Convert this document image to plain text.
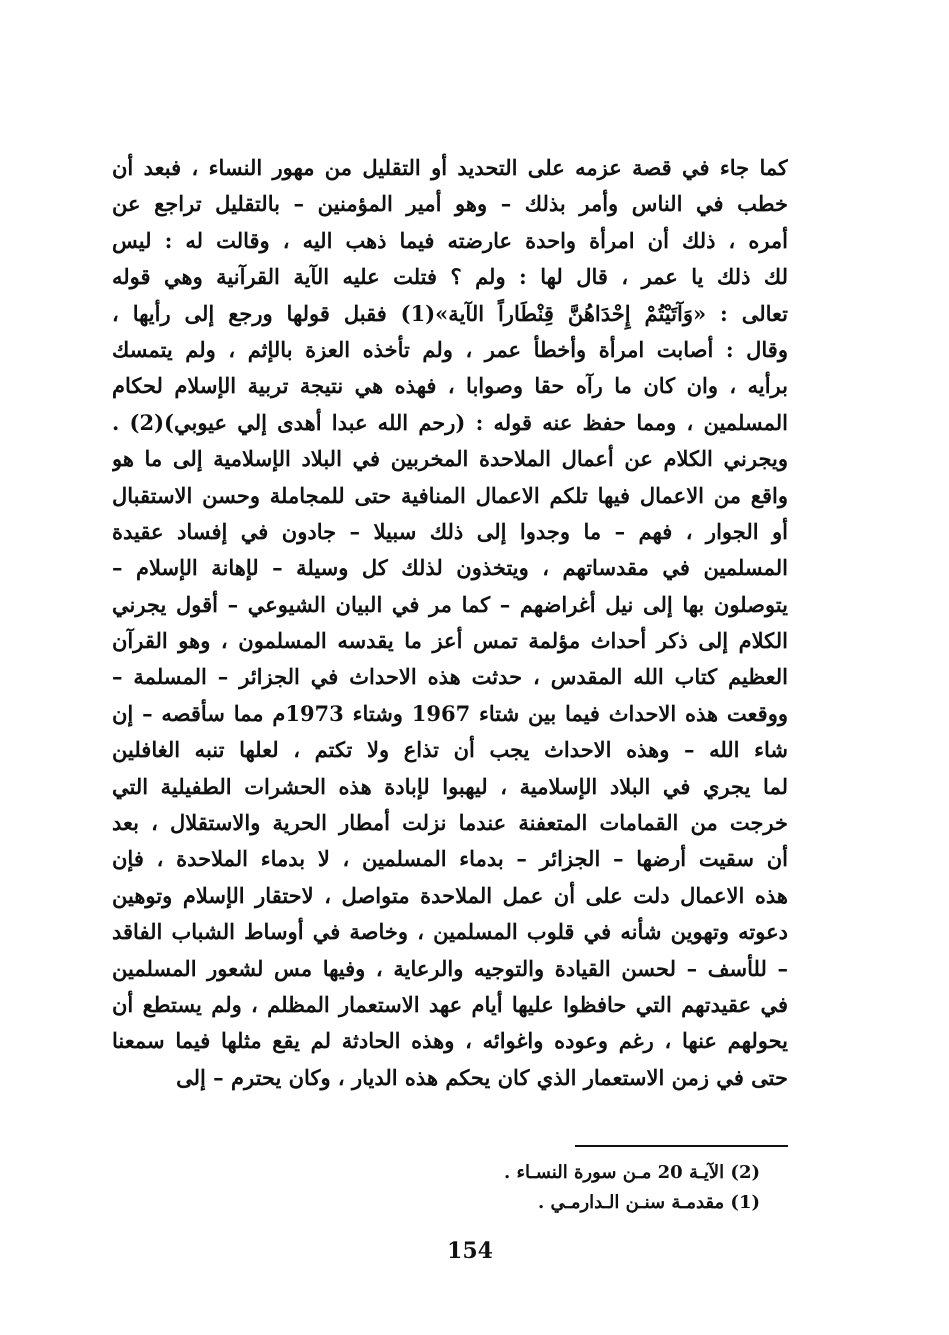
كما جاء في قصة عزمه على التحديد أو التقليل من مهور النساء ، فبعد أن
خطب في الناس وأمر بذلك – وهو أمير المؤمنين – بالتقليل تراجع عن
أمره ، ذلك أن امرأة واحدة عارضته فيما ذهب اليه ، وقالت له : ليس
لك ذلك يا عمر ، قال لها : ولم ؟ فتلت عليه الآية القرآنية وهي قوله
تعالى : «وَآتَيْتُمْ إِحْدَاهُنَّ قِنْطَاراً الآية»(1) فقبل قولها ورجع إلى رأيها ،
وقال : أصابت امرأة وأخطأ عمر ، ولم تأخذه العزة بالإثم ، ولم يتمسك
برأيه ، وان كان ما رآه حقا وصوابا ، فهذه هي نتيجة تربية الإسلام لحكام
المسلمين ، ومما حفظ عنه قوله : (رحم الله عبدا أهدى إلي عيوبي)(2) .
ويجرني الكلام عن أعمال الملاحدة المخربين في البلاد الإسلامية إلى ما هو
واقع من الاعمال فيها تلكم الاعمال المنافية حتى للمجاملة وحسن الاستقبال
أو الجوار ، فهم – ما وجدوا إلى ذلك سبيلا – جادون في إفساد عقيدة
المسلمين في مقدساتهم ، ويتخذون لذلك كل وسيلة – لإهانة الإسلام –
يتوصلون بها إلى نيل أغراضهم – كما مر في البيان الشيوعي – أقول يجرني
الكلام إلى ذكر أحداث مؤلمة تمس أعز ما يقدسه المسلمون ، وهو القرآن
العظيم كتاب الله المقدس ، حدثت هذه الاحداث في الجزائر – المسلمة –
ووقعت هذه الاحداث فيما بين شتاء 1967 وشتاء 1973م مما سأقصه – إن
شاء الله – وهذه الاحداث يجب أن تذاع ولا تكتم ، لعلها تنبه الغافلين
لما يجري في البلاد الإسلامية ، ليهبوا لإبادة هذه الحشرات الطفيلية التي
خرجت من القمامات المتعفنة عندما نزلت أمطار الحرية والاستقلال ، بعد
أن سقيت أرضها – الجزائر – بدماء المسلمين ، لا بدماء الملاحدة ، فإن
هذه الاعمال دلت على أن عمل الملاحدة متواصل ، لاحتقار الإسلام وتوهين
دعوته وتهوين شأنه في قلوب المسلمين ، وخاصة في أوساط الشباب الفاقد
– للأسف – لحسن القيادة والتوجيه والرعاية ، وفيها مس لشعور المسلمين
في عقيدتهم التي حافظوا عليها أيام عهد الاستعمار المظلم ، ولم يستطع أن
يحولهم عنها ، رغم وعوده واغوائه ، وهذه الحادثة لم يقع مثلها فيما سمعنا
حتى في زمن الاستعمار الذي كان يحكم هذه الديار ، وكان يحترم – إلى
(2) الآيـة 20 مـن سورة النسـاء .
(1) مقدمـة سنـن الـدارمـي .
154
